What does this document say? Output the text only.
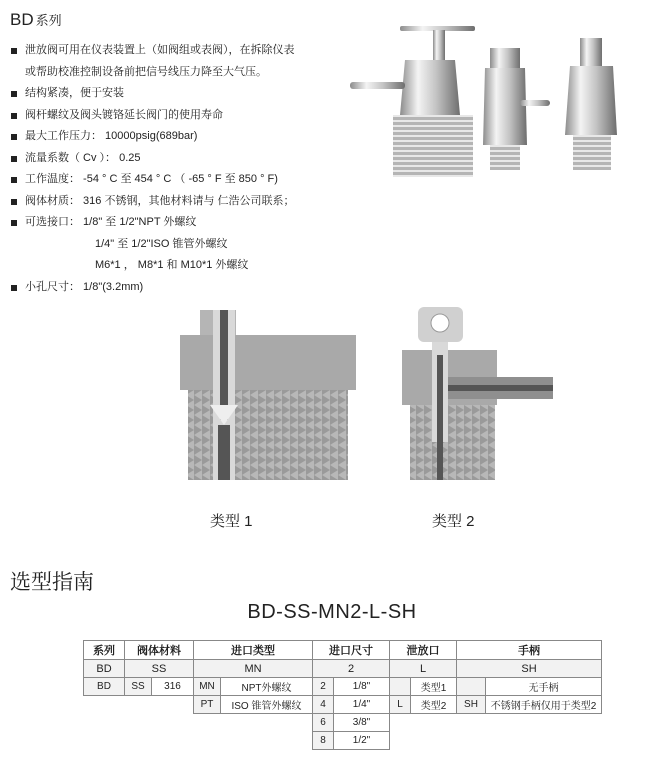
BD 系列
泄放阀可用在仪表装置上（如阀组或表阀），在拆除仪表
或帮助校准控制设备前把信号线压力降至大气压。
结构紧凑，便于安装
阀杆螺纹及阀头镀铬延长阀门的使用寿命
最大工作压力： 10000psig(689bar)
流量系数（ Cv ）： 0.25
工作温度： -54 ° C 至 454 ° C （ -65 ° F 至 850 ° F)
阀体材质： 316 不锈钢，其他材料请与 仁浩公司联系；
可选接口： 1/8" 至 1/2"NPT 外螺纹
1/4" 至 1/2"ISO 锥管外螺纹
M6*1 ， M8*1 和 M10*1 外螺纹
小孔尺寸： 1/8"(3.2mm)
类型 1	类型 2
选型指南
BD-SS-MN2-L-SH
系列	阀体材料		进口类型		进口尺寸		泄放口		手柄	
BD	SS		MN		2		L		SH	
BD	SS	316	MN	NPT外螺纹	2	1/8"		类型1		无手柄
			PT	ISO 锥管外螺纹	4	1/4"	L	类型2	SH	不锈钢手柄仅用于类型2
					6	3/8"				
					8	1/2"				
